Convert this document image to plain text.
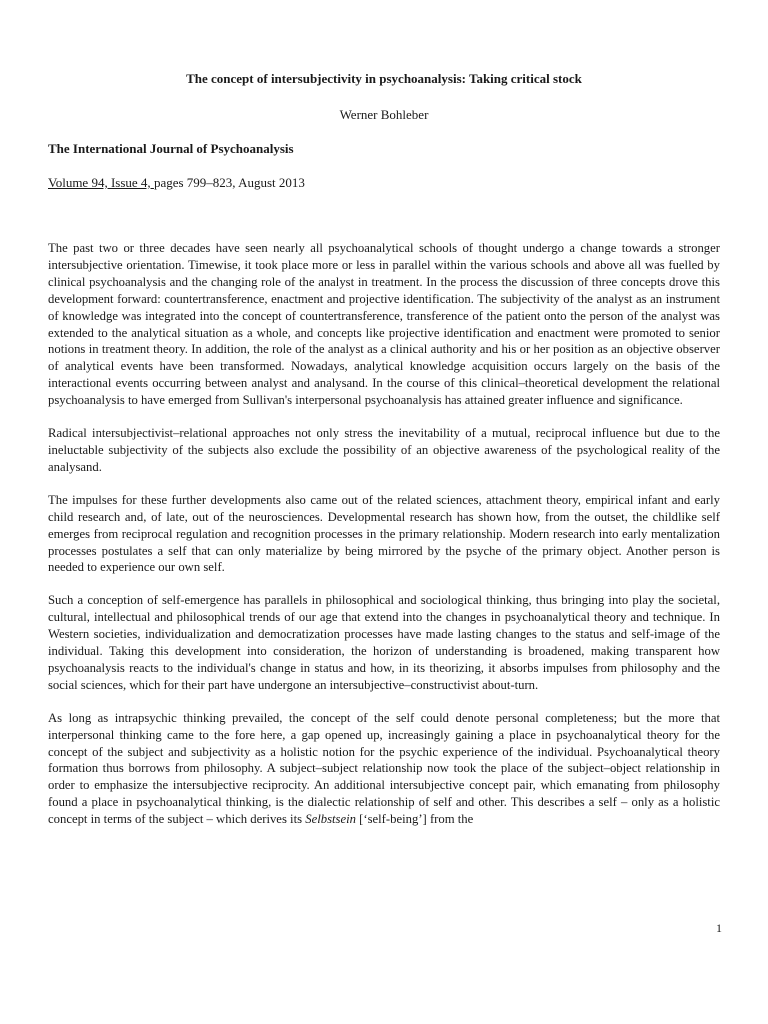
The concept of intersubjectivity in psychoanalysis: Taking critical stock
Werner Bohleber
The International Journal of Psychoanalysis
Volume 94, Issue 4, pages 799–823, August 2013

The past two or three decades have seen nearly all psychoanalytical schools of thought undergo a change towards a stronger intersubjective orientation. Timewise, it took place more or less in parallel within the various schools and above all was fuelled by clinical psychoanalysis and the changing role of the analyst in treatment. In the process the discussion of three concepts drove this development forward: countertransference, enactment and projective identification. The subjectivity of the analyst as an instrument of knowledge was integrated into the concept of countertransference, transference of the patient onto the person of the analyst was extended to the analytical situation as a whole, and concepts like projective identification and enactment were promoted to senior notions in treatment theory. In addition, the role of the analyst as a clinical authority and his or her position as an objective observer of analytical events have been transformed. Nowadays, analytical knowledge acquisition occurs largely on the basis of the interactional events occurring between analyst and analysand. In the course of this clinical–theoretical development the relational psychoanalysis to have emerged from Sullivan's interpersonal psychoanalysis has attained greater influence and significance.

Radical intersubjectivist–relational approaches not only stress the inevitability of a mutual, reciprocal influence but due to the ineluctable subjectivity of the subjects also exclude the possibility of an objective awareness of the psychological reality of the analysand.

The impulses for these further developments also came out of the related sciences, attachment theory, empirical infant and early child research and, of late, out of the neurosciences. Developmental research has shown how, from the outset, the childlike self emerges from reciprocal regulation and recognition processes in the primary relationship. Modern research into early mentalization processes postulates a self that can only materialize by being mirrored by the psyche of the primary object. Another person is needed to experience our own self.

Such a conception of self-emergence has parallels in philosophical and sociological thinking, thus bringing into play the societal, cultural, intellectual and philosophical trends of our age that extend into the changes in psychoanalytical theory and technique. In Western societies, individualization and democratization processes have made lasting changes to the status and self-image of the individual. Taking this development into consideration, the horizon of understanding is broadened, making transparent how psychoanalysis reacts to the individual's change in status and how, in its theorizing, it absorbs impulses from philosophy and the social sciences, which for their part have undergone an intersubjective–constructivist about-turn.

As long as intrapsychic thinking prevailed, the concept of the self could denote personal completeness; but the more that interpersonal thinking came to the fore here, a gap opened up, increasingly gaining a place in psychoanalytical theory for the concept of the subject and subjectivity as a holistic notion for the psychic experience of the individual. Psychoanalytical theory formation thus borrows from philosophy. A subject–subject relationship now took the place of the subject–object relationship in order to emphasize the intersubjective reciprocity. An additional intersubjective concept pair, which emanating from philosophy found a place in psychoanalytical thinking, is the dialectic relationship of self and other. This describes a self – only as a holistic concept in terms of the subject – which derives its Selbstsein [‘self-being’] from the

1
